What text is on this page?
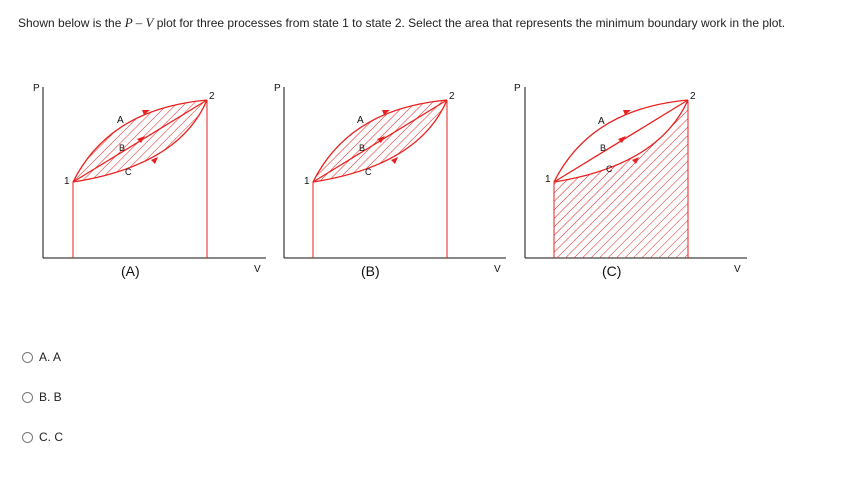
Shown below is the P – V plot for three processes from state 1 to state 2. Select the area that represents the minimum boundary work in the plot.
P
V
1
2
A
B
C
(A)
P
V
1
2
A
B
C
(B)
P
V
1
2
A
B
C
(C)
A. A
B. B
C. C
